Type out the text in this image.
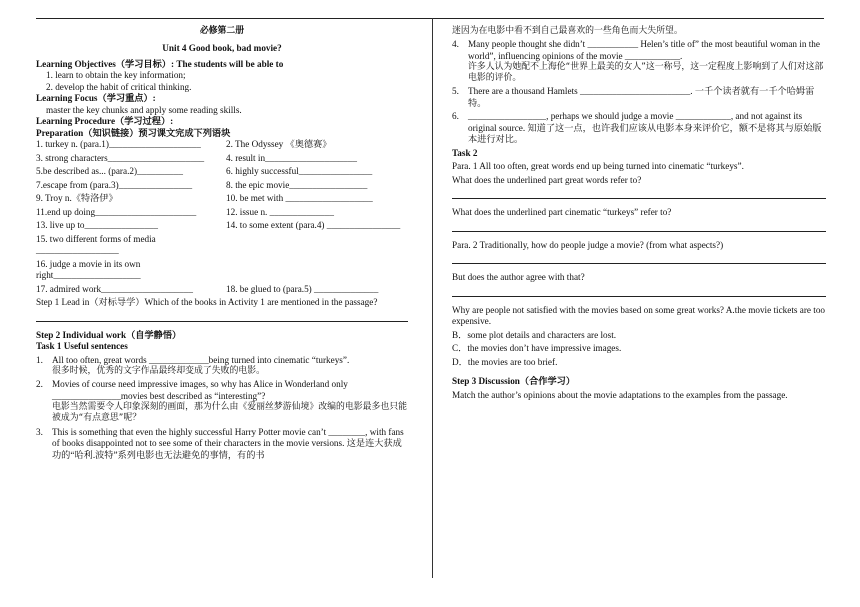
必修第二册
Unit 4 Good book, bad movie?
Learning Objectives（学习目标）: The students will be able to
1. learn to obtain the key information;
2. develop the habit of critical thinking.
Learning Focus（学习重点）:
master the key chunks and apply some reading skills.
Learning Procedure（学习过程）:
Preparation（知识链接）预习课文完成下列语块
1. turkey n. (para.1)____________________	2. The Odyssey 《奥德赛》
3. strong characters_____________________	4. result in____________________
5.be described as... (para.2)__________	6. highly successful________________
7.escape from (para.3)________________	8. the epic movie_________________
9. Troy n.《特洛伊》	10. be met with ___________________
11.end up doing______________________	12. issue n. ______________
13. live up to________________	14. to some extent (para.4) ________________
15. two different forms of media __________________
16. judge a movie in its own right___________________
17. admired work____________________	18. be glued to (para.5) ______________
Step 1 Lead in（对标导学）Which of the books in Activity 1 are mentioned in the passage?
Step 2 Individual work（自学静悟）
Task 1 Useful sentences
1. All too often, great words _____________being turned into cinematic “turkeys”.
很多时候，优秀的文字作品最终却变成了失败的电影。
2. Movies of course need impressive images, so why has Alice in Wonderland only _______________movies best described as “interesting”?
电影当然需要令人印象深刻的画面，那为什么由《爱丽丝梦游仙境》改编的电影最多也只能被成为“有点意思”呢？
3. This is something that even the highly successful Harry Potter movie can’t ________, with fans of books disappointed not to see some of their characters in the movie versions. 这是连大获成功的“哈利.波特”系列电影也无法避免的事情，有的书
迷因为在电影中看不到自己最喜欢的一些角色而大失所望。
4. Many people thought she didn’t ___________ Helen’s title of” the most beautiful woman in the world”, influencing opinions of the movie ____________.
许多人认为她配不上海伦“世界上最美的女人”这一称号，这一定程度上影响到了人们对这部电影的评价。
5. There are a thousand Hamlets ________________________. 一千个读者就有一千个哈姆雷特。
6. _________________, perhaps we should judge a movie ____________, and not against its original source. 知道了这一点，也许我们应该从电影本身来评价它，额不是将其与原始版本进行对比。
Task 2
Para. 1 All too often, great words end up being turned into cinematic “turkeys”.
What does the underlined part great words refer to?
What does the underlined part cinematic “turkeys” refer to?
Para. 2 Traditionally, how do people judge a movie? (from what aspects?)
But does the author agree with that?
Why are people not satisfied with the movies based on some great works? A.the movie tickets are too expensive.
B．some plot details and characters are lost.
C．the movies don’t have impressive images.
D．the movies are too brief.
Step 3 Discussion（合作学习）
Match the author’s opinions about the movie adaptations to the examples from the passage.
